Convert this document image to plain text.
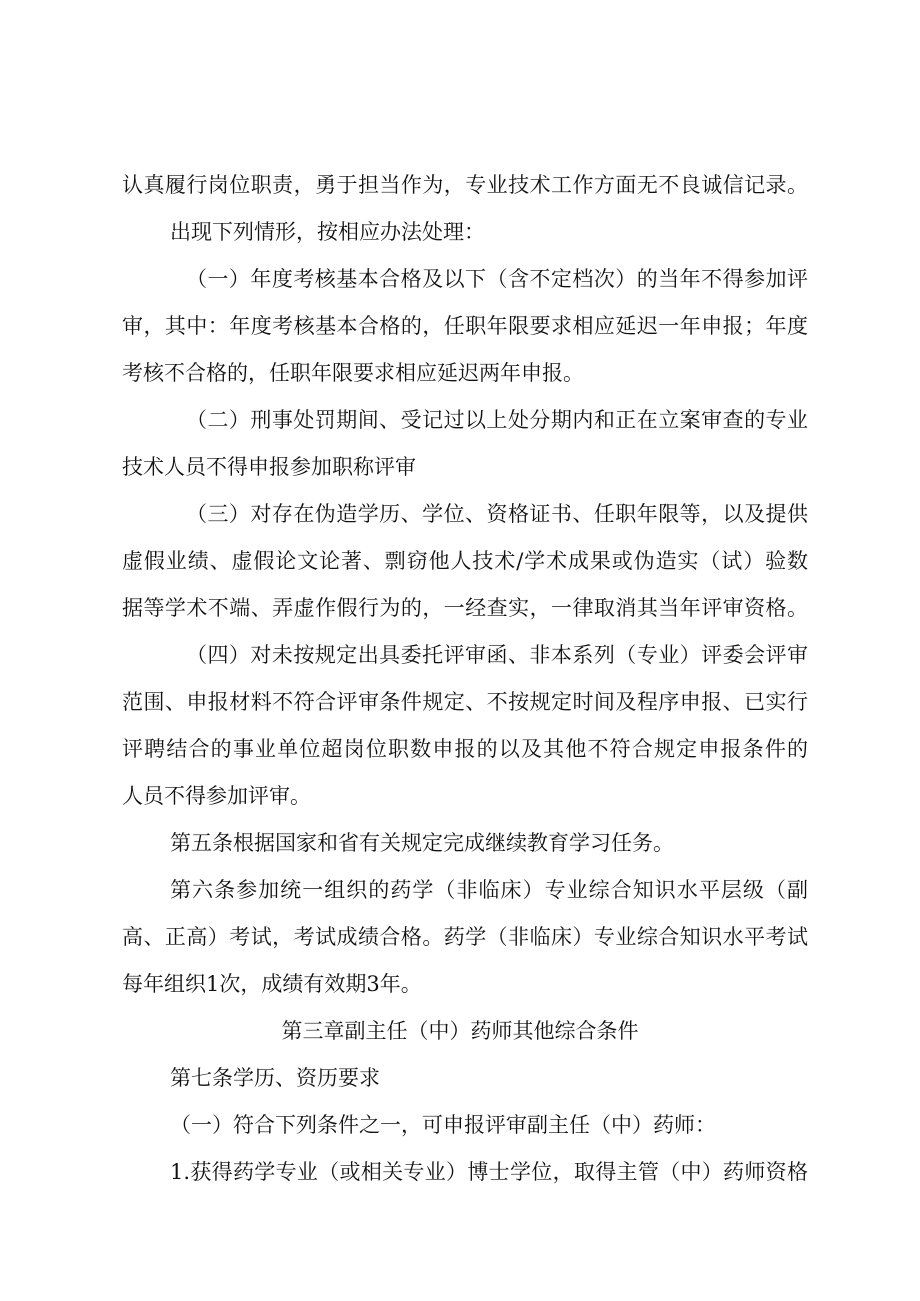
认真履行岗位职责，勇于担当作为，专业技术工作方面无不良诚信记录。
出现下列情形，按相应办法处理：
（一）年度考核基本合格及以下（含不定档次）的当年不得参加评
审，其中：年度考核基本合格的，任职年限要求相应延迟一年申报；年度
考核不合格的，任职年限要求相应延迟两年申报。
（二）刑事处罚期间、受记过以上处分期内和正在立案审查的专业
技术人员不得申报参加职称评审
（三）对存在伪造学历、学位、资格证书、任职年限等，以及提供
虚假业绩、虚假论文论著、剽窃他人技术/学术成果或伪造实（试）验数
据等学术不端、弄虚作假行为的，一经查实，一律取消其当年评审资格。
（四）对未按规定出具委托评审函、非本系列（专业）评委会评审
范围、申报材料不符合评审条件规定、不按规定时间及程序申报、已实行
评聘结合的事业单位超岗位职数申报的以及其他不符合规定申报条件的
人员不得参加评审。
第五条根据国家和省有关规定完成继续教育学习任务。
第六条参加统一组织的药学（非临床）专业综合知识水平层级（副
高、正高）考试，考试成绩合格。药学（非临床）专业综合知识水平考试
每年组织1次，成绩有效期3年。
第三章副主任（中）药师其他综合条件
第七条学历、资历要求
（一）符合下列条件之一，可申报评审副主任（中）药师：
1.获得药学专业（或相关专业）博士学位，取得主管（中）药师资格
